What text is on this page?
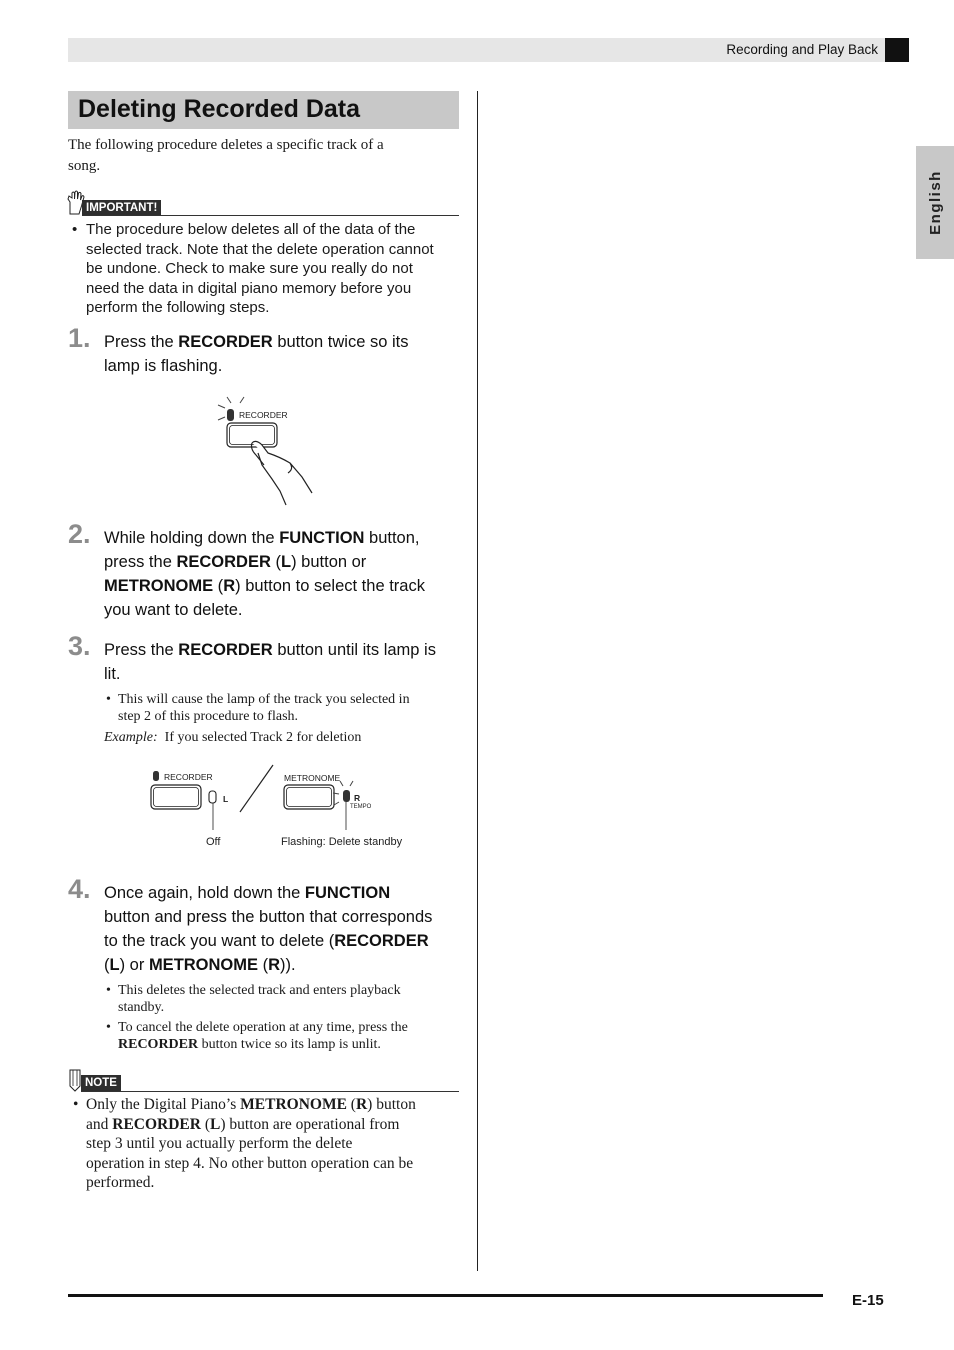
Recording and Play Back
English
Deleting Recorded Data
The following procedure deletes a specific track of a
song.
IMPORTANT!
• The procedure below deletes all of the data of the
selected track. Note that the delete operation cannot
be undone. Check to make sure you really do not
need the data in digital piano memory before you
perform the following steps.
1. Press the RECORDER button twice so its
lamp is flashing.
RECORDER
2. While holding down the FUNCTION button,
press the RECORDER (L) button or
METRONOME (R) button to select the track
you want to delete.
3. Press the RECORDER button until its lamp is
lit.
• This will cause the lamp of the track you selected in
step 2 of this procedure to flash.
Example: If you selected Track 2 for deletion
RECORDER
L
METRONOME
R
TEMPO
Off	Flashing: Delete standby
4. Once again, hold down the FUNCTION
button and press the button that corresponds
to the track you want to delete (RECORDER
(L) or METRONOME (R)).
• This deletes the selected track and enters playback
standby.
• To cancel the delete operation at any time, press the
RECORDER button twice so its lamp is unlit.
NOTE
• Only the Digital Piano’s METRONOME (R) button
and RECORDER (L) button are operational from
step 3 until you actually perform the delete
operation in step 4. No other button operation can be
performed.
E-15
